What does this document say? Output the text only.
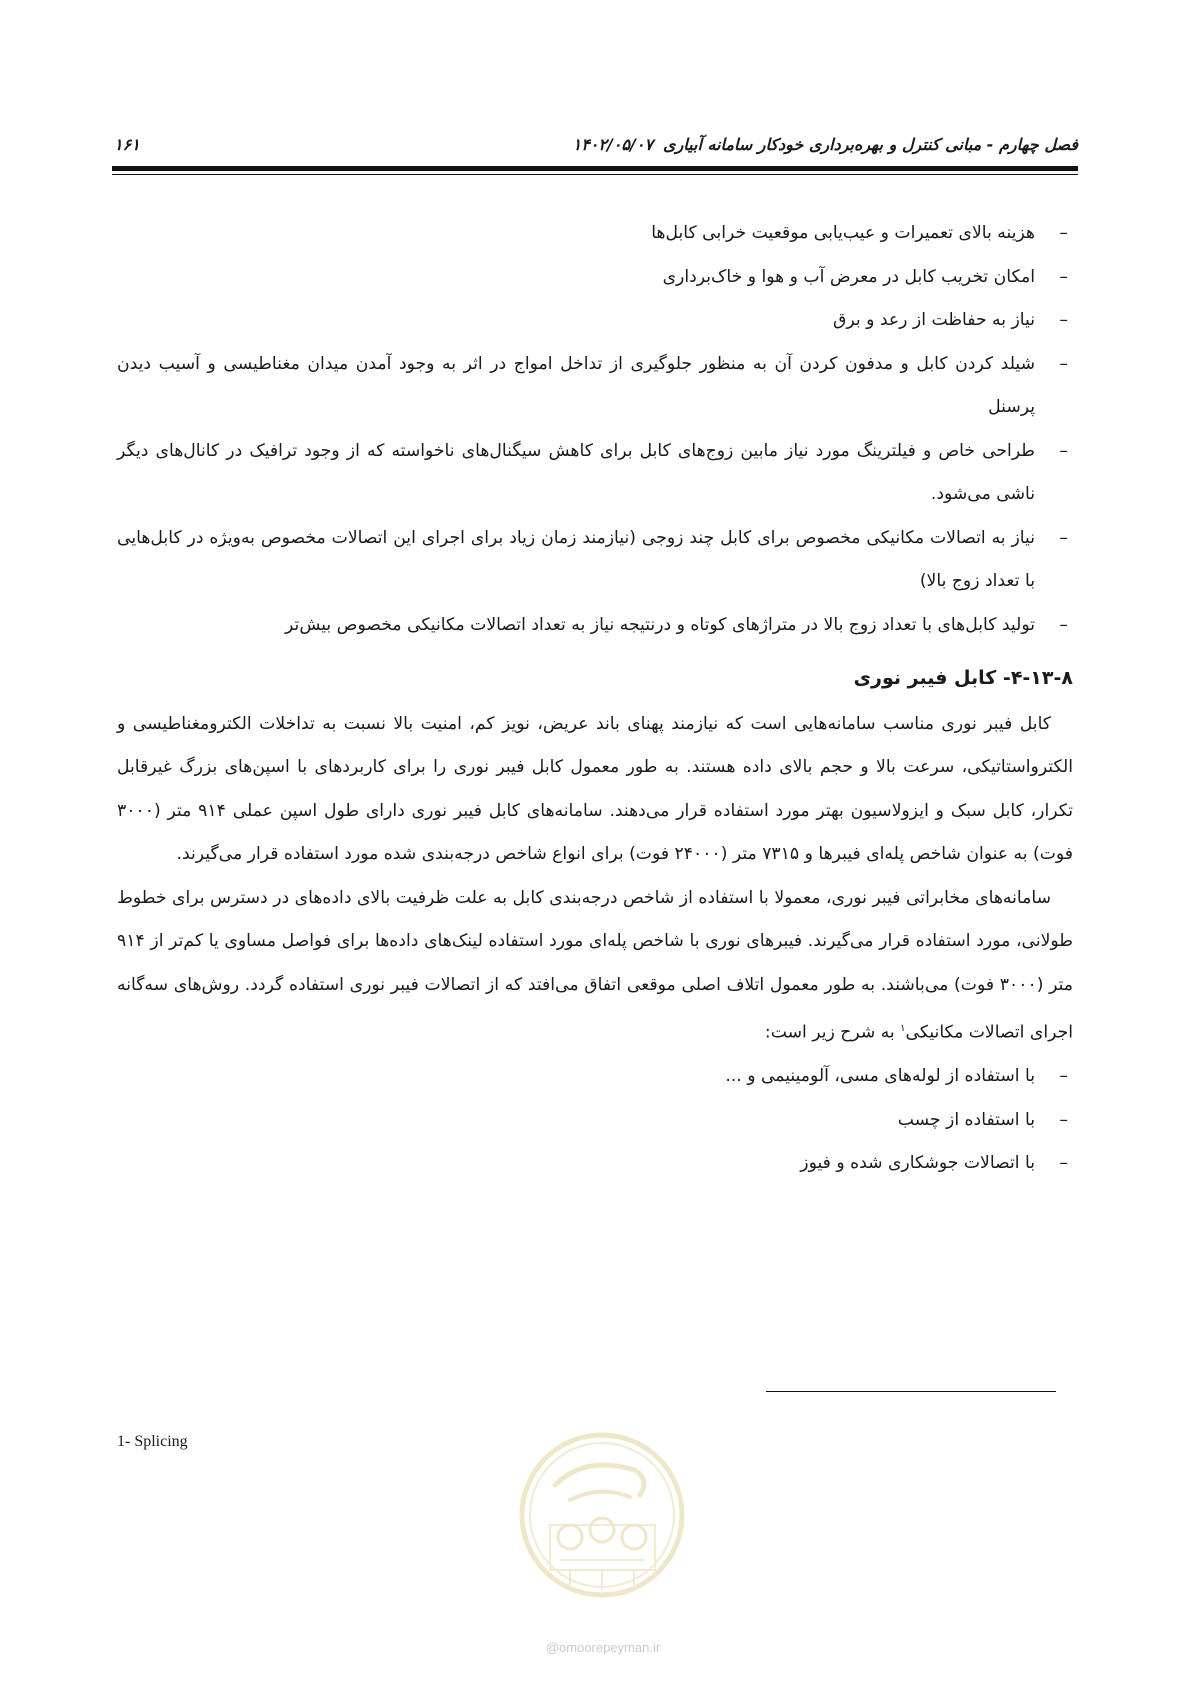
فصل چهارم - مبانی کنترل و بهره‌برداری خودکار سامانه آبیاری۱۴۰۲/۰۵/۰۷
۱۶۱
– هزینه بالای تعمیرات و عیب‌یابی موقعیت خرابی کابل‌ها
– امکان تخریب کابل در معرض آب و هوا و خاک‌برداری
– نیاز به حفاظت از رعد و برق
– شیلد کردن کابل و مدفون کردن آن به منظور جلوگیری از تداخل امواج در اثر به وجود آمدن میدان مغناطیسی و آسیب دیدن پرسنل
– طراحی خاص و فیلترینگ مورد نیاز مابین زوج‌های کابل برای کاهش سیگنال‌های ناخواسته که از وجود ترافیک در کانال‌های دیگر ناشی می‌شود.
– نیاز به اتصالات مکانیکی مخصوص برای کابل چند زوجی (نیازمند زمان زیاد برای اجرای این اتصالات مخصوص به‌ویژه در کابل‌هایی با تعداد زوج بالا)
– تولید کابل‌های با تعداد زوج بالا در متراژهای کوتاه و درنتیجه نیاز به تعداد اتصالات مکانیکی مخصوص بیش‌تر
۴-۱۳-۸- کابل فیبر نوری

کابل فیبر نوری مناسب سامانه‌هایی است که نیازمند پهنای باند عریض، نویز کم، امنیت بالا نسبت به تداخلات الکترومغناطیسی و الکترواستاتیکی، سرعت بالا و حجم بالای داده هستند. به طور معمول کابل فیبر نوری را برای کاربردهای با اسپن‌های بزرگ غیرقابل تکرار، کابل سبک و ایزولاسیون بهتر مورد استفاده قرار می‌دهند. سامانه‌های کابل فیبر نوری دارای طول اسپن عملی ۹۱۴ متر (۳۰۰۰ فوت) به عنوان شاخص پله‌ای فیبرها و ۷۳۱۵ متر (۲۴۰۰۰ فوت) برای انواع شاخص درجه‌بندی شده مورد استفاده قرار می‌گیرند.

سامانه‌های مخابراتی فیبر نوری، معمولا با استفاده از شاخص درجه‌بندی کابل به علت ظرفیت بالای داده‌های در دسترس برای خطوط طولانی، مورد استفاده قرار می‌گیرند. فیبرهای نوری با شاخص پله‌ای مورد استفاده لینک‌های داده‌ها برای فواصل مساوی یا کم‌تر از ۹۱۴ متر (۳۰۰۰ فوت) می‌باشند. به طور معمول اتلاف اصلی موقعی اتفاق می‌افتد که از اتصالات فیبر نوری استفاده گردد. روش‌های سه‌گانه اجرای اتصالات مکانیکی$^۱$ به شرح زیر است:

– با استفاده از لوله‌های مسی، آلومینیمی و ...
– با استفاده از چسب
– با اتصالات جوشکاری شده و فیوز
1- Splicing
@omoorepeyman.ir
